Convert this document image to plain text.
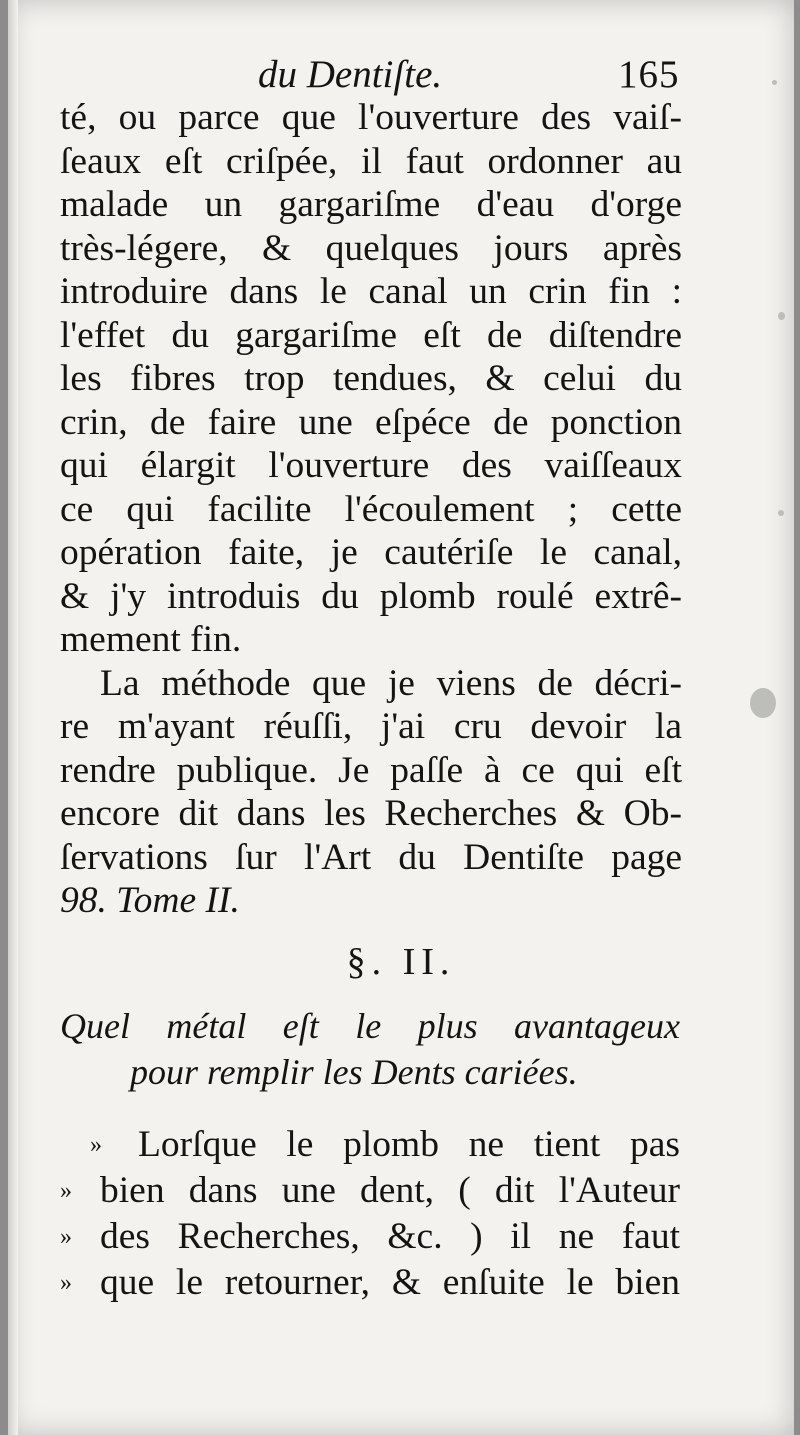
du Dentiſte.	165
té, ou parce que l'ouverture des vaiſ-
ſeaux eſt criſpée, il faut ordonner au
malade un gargariſme d'eau d'orge
très-légere, & quelques jours après
introduire dans le canal un crin fin :
l'effet du gargariſme eſt de diſtendre
les fibres trop tendues, & celui du
crin, de faire une eſpéce de ponction
qui élargit l'ouverture des vaiſſeaux
ce qui facilite l'écoulement ; cette
opération faite, je cautériſe le canal,
& j'y introduis du plomb roulé extrê-
mement fin.
La méthode que je viens de décri-
re m'ayant réuſſi, j'ai cru devoir la
rendre publique. Je paſſe à ce qui eſt
encore dit dans les Recherches & Ob-
ſervations ſur l'Art du Dentiſte page
98. Tome II.
§. II.
Quel métal eſt le plus avantageux
pour remplir les Dents cariées.
» Lorſque le plomb ne tient pas
» bien dans une dent, ( dit l'Auteur
» des Recherches, &c. ) il ne faut
» que le retourner, & enſuite le bien
